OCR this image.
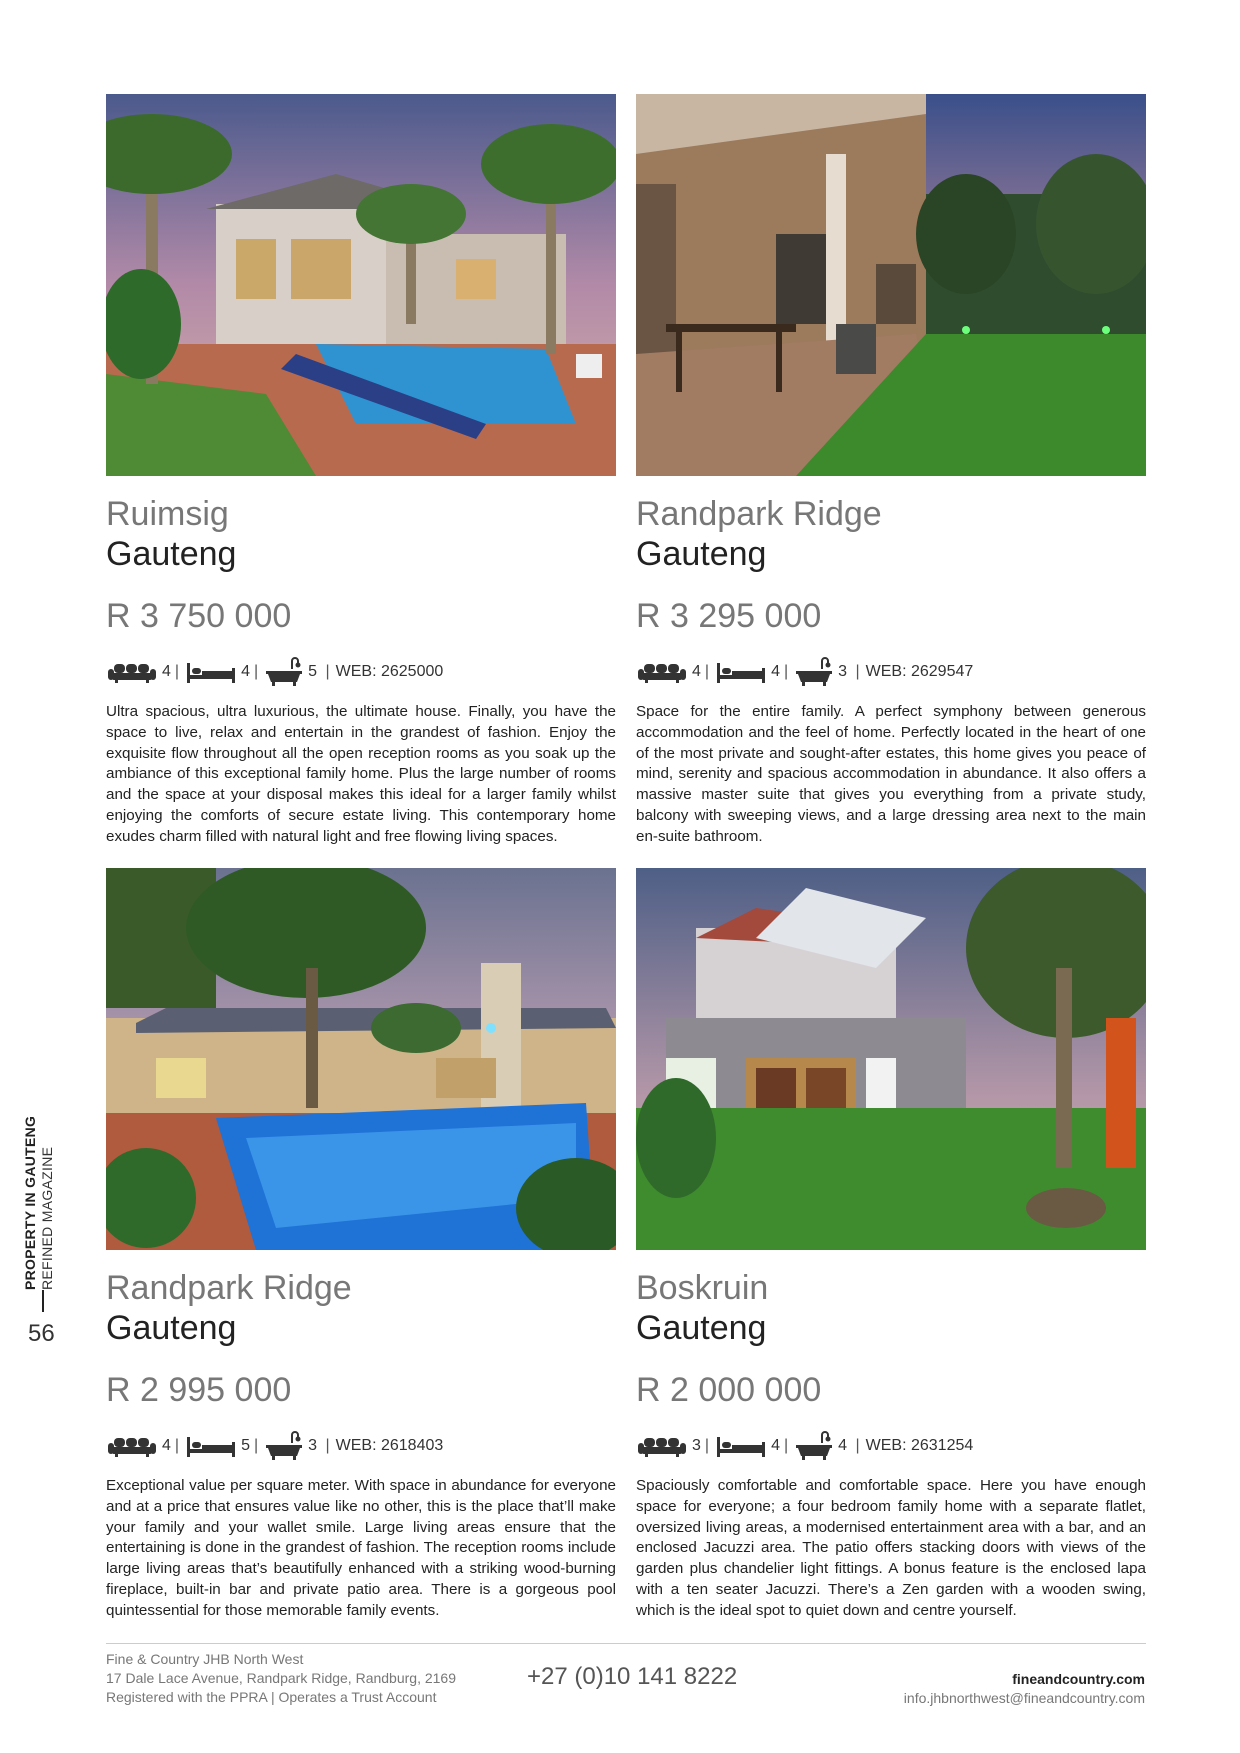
PROPERTY IN GAUTENG REFINED MAGAZINE
56
Ruimsig
Gauteng
R 3 750 000
4 |	4 |	5 | WEB: 2625000

Ultra spacious, ultra luxurious, the ultimate house. Finally, you have the space to live, relax and entertain in the grandest of fashion. Enjoy the exquisite flow throughout all the open reception rooms as you soak up the ambiance of this exceptional family home. Plus the large number of rooms and the space at your disposal makes this ideal for a larger family whilst enjoying the comforts of secure estate living. This contemporary home exudes charm filled with natural light and free flowing living spaces.

Randpark Ridge
Gauteng
R 3 295 000
4 |	4 |	3 | WEB: 2629547

Space for the entire family. A perfect symphony between generous accommodation and the feel of home. Perfectly located in the heart of one of the most private and sought-after estates, this home gives you peace of mind, serenity and spacious accommodation in abundance. It also offers a massive master suite that gives you everything from a private study, balcony with sweeping views, and a large dressing area next to the main en-suite bathroom.

Randpark Ridge
Gauteng
R 2 995 000
4 |	5 |	3 | WEB: 2618403

Exceptional value per square meter. With space in abundance for everyone and at a price that ensures value like no other, this is the place that’ll make your family and your wallet smile. Large living areas ensure that the entertaining is done in the grandest of fashion. The reception rooms include large living areas that’s beautifully enhanced with a striking wood-burning fireplace, built-in bar and private patio area. There is a gorgeous pool quintessential for those memorable family events.

Boskruin
Gauteng
R 2 000 000
3 |	4 |	4 | WEB: 2631254

Spaciously comfortable and comfortable space. Here you have enough space for everyone; a four bedroom family home with a separate flatlet, oversized living areas, a modernised entertainment area with a bar, and an enclosed Jacuzzi area. The patio offers stacking doors with views of the garden plus chandelier light fittings. A bonus feature is the enclosed lapa with a ten seater Jacuzzi. There’s a Zen garden with a wooden swing, which is the ideal spot to quiet down and centre yourself.

Fine & Country JHB North West
17 Dale Lace Avenue, Randpark Ridge, Randburg, 2169
Registered with the PPRA | Operates a Trust Account
+27 (0)10 141 8222	fineandcountry.com
info.jhbnorthwest@fineandcountry.com
